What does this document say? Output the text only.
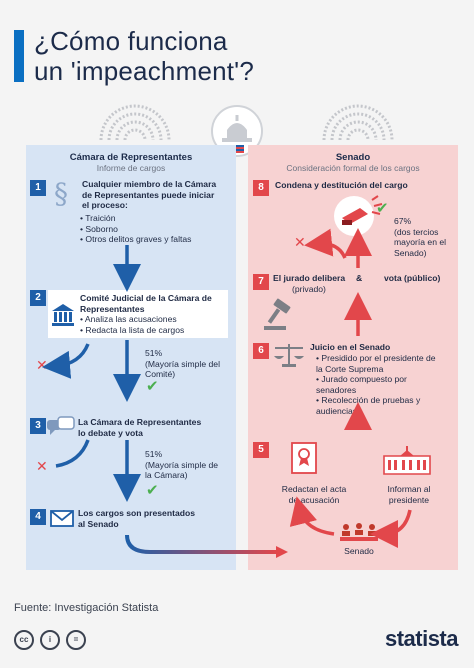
¿Cómo funciona
un 'impeachment'?
Cámara de Representantes
Informe de cargos
Senado
Consideración formal de los cargos
1 § Cualquier miembro de la Cámara
de Representantes puede iniciar
el proceso:
• Traición
• Soborno
• Otros delitos graves y faltas
2	Comité Judicial de la Cámara de
Representantes
• Analiza las acusaciones
• Redacta la lista de cargos
51%
(Mayoría simple del
Comité)
✔
✕
3	La Cámara de Representantes
lo debate y vota
51%
(Mayoría simple de
la Cámara)
✔
✕
4	Los cargos son presentados
al Senado
8	Condena y destitución del cargo
✔
67%
(dos tercios
mayoría en el
Senado)
✕
7	El jurado delibera &	vota (público)
(privado)
6	Juicio en el Senado
• Presidido por el presidente de
la Corte Suprema
• Jurado compuesto por
senadores
• Recolección de pruebas y
audiencias
5
Redactan el acta
de acusación
Informan al
presidente
Senado
Fuente: Investigación Statista
cc	i	=	statista
